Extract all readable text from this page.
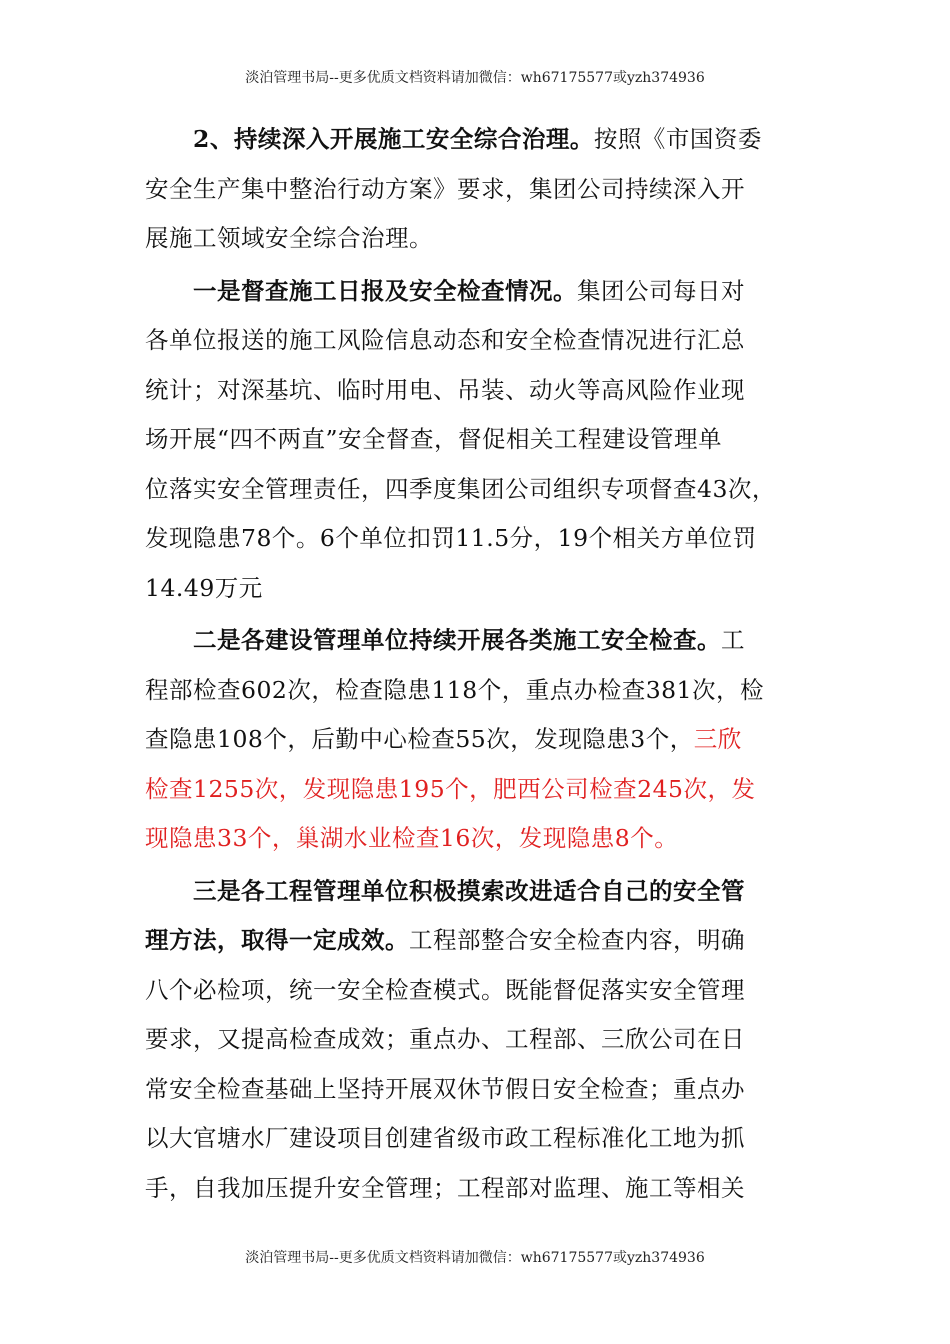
淡泊管理书局--更多优质文档资料请加微信：wh67175577或yzh374936

2、持续深入开展施工安全综合治理。按照《市国资委
安全生产集中整治行动方案》要求，集团公司持续深入开
展施工领域安全综合治理。

一是督查施工日报及安全检查情况。集团公司每日对
各单位报送的施工风险信息动态和安全检查情况进行汇总
统计；对深基坑、临时用电、吊装、动火等高风险作业现
场开展“四不两直”安全督查，督促相关工程建设管理单
位落实安全管理责任，四季度集团公司组织专项督查43次，
发现隐患78个。6个单位扣罚11.5分，19个相关方单位罚
14.49万元

二是各建设管理单位持续开展各类施工安全检查。工
程部检查602次，检查隐患118个，重点办检查381次，检
查隐患108个，后勤中心检查55次，发现隐患3个，三欣
检查1255次，发现隐患195个，肥西公司检查245次，发
现隐患33个，巢湖水业检查16次，发现隐患8个。

三是各工程管理单位积极摸索改进适合自己的安全管
理方法，取得一定成效。工程部整合安全检查内容，明确
八个必检项，统一安全检查模式。既能督促落实安全管理
要求，又提高检查成效；重点办、工程部、三欣公司在日
常安全检查基础上坚持开展双休节假日安全检查；重点办
以大官塘水厂建设项目创建省级市政工程标准化工地为抓
手，自我加压提升安全管理；工程部对监理、施工等相关

淡泊管理书局--更多优质文档资料请加微信：wh67175577或yzh374936
